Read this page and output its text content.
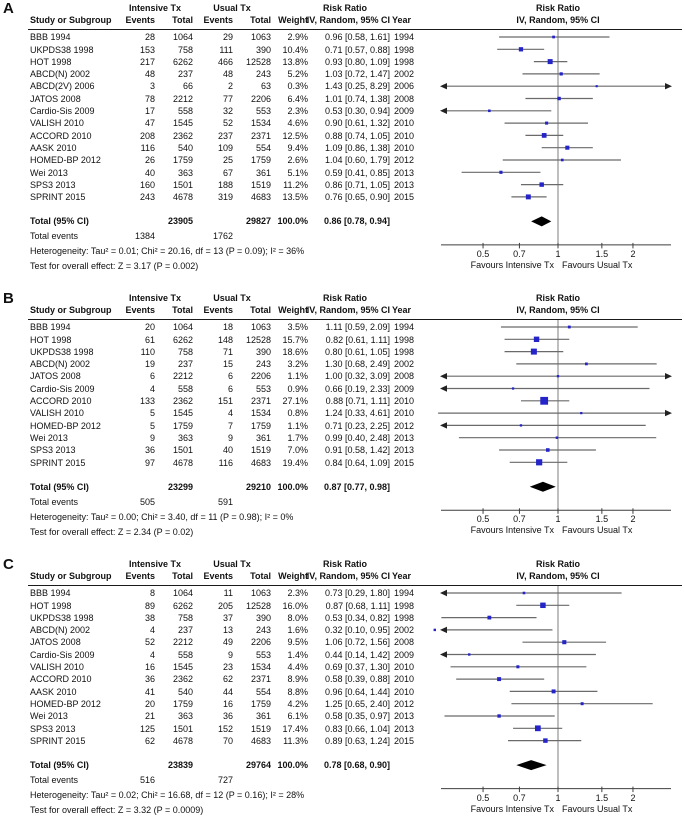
A	Intensive Tx	Usual Tx	Risk Ratio	Risk Ratio
Study or Subgroup	Events	Total	Events	Total Weight
IV, Random, 95% CI Year	IV, Random, 95% CI
BBB 1994	28	1064	29	1063	2.9%	0.96 [0.58, 1.61] 1994
UKPDS38 1998	153	758	111	390	10.4%	0.71 [0.57, 0.88] 1998
HOT 1998	217	6262	466	12528	13.8%	0.93 [0.80, 1.09] 1998
ABCD(N) 2002	48	237	48	243	5.2%	1.03 [0.72, 1.47] 2002
ABCD(2V) 2006	3	66	2	63	0.3%	1.43 [0.25, 8.29] 2006
JATOS 2008	78	2212	77	2206	6.4%	1.01 [0.74, 1.38] 2008
Cardio-Sis 2009	17	558	32	553	2.3%	0.53 [0.30, 0.94] 2009
VALISH 2010	47	1545	52	1534	4.6%	0.90 [0.61, 1.32] 2010
ACCORD 2010	208	2362	237	2371	12.5%	0.88 [0.74, 1.05] 2010
AASK 2010	116	540	109	554	9.4%	1.09 [0.86, 1.38] 2010
HOMED-BP 2012	26	1759	25	1759	2.6%	1.04 [0.60, 1.79] 2012
Wei 2013	40	363	67	361	5.1%	0.59 [0.41, 0.85] 2013
SPS3 2013	160	1501	188	1519	11.2%	0.86 [0.71, 1.05] 2013
SPRINT 2015	243	4678	319	4683	13.5%	0.76 [0.65, 0.90] 2015
Total (95% CI)	23905	29827 100.0%	0.86 [0.78, 0.94]
Total events	1384	1762
Heterogeneity: Tau² = 0.01; Chi² = 20.16, df = 13 (P = 0.09); I² = 36%
Test for overall effect: Z = 3.17 (P = 0.002)
0.5	0.7	1	1.5	2
Favours Intensive Tx Favours Usual Tx
B	Intensive Tx	Usual Tx	Risk Ratio	Risk Ratio
Study or Subgroup	Events	Total	Events	Total Weight
IV, Random, 95% CI Year	IV, Random, 95% CI
BBB 1994	20	1064	18	1063	3.5%	1.11 [0.59, 2.09] 1994
HOT 1998	61	6262	148	12528	15.7%	0.82 [0.61, 1.11] 1998
UKPDS38 1998	110	758	71	390	18.6%	0.80 [0.61, 1.05] 1998
ABCD(N) 2002	19	237	15	243	3.2%	1.30 [0.68, 2.49] 2002
JATOS 2008	6	2212	6	2206	1.1%	1.00 [0.32, 3.09] 2008
Cardio-Sis 2009	4	558	6	553	0.9%	0.66 [0.19, 2.33] 2009
ACCORD 2010	133	2362	151	2371	27.1%	0.88 [0.71, 1.11] 2010
VALISH 2010	5	1545	4	1534	0.8%	1.24 [0.33, 4.61] 2010
HOMED-BP 2012	5	1759	7	1759	1.1%	0.71 [0.23, 2.25] 2012
Wei 2013	9	363	9	361	1.7%	0.99 [0.40, 2.48] 2013
SPS3 2013	36	1501	40	1519	7.0%	0.91 [0.58, 1.42] 2013
SPRINT 2015	97	4678	116	4683	19.4%	0.84 [0.64, 1.09] 2015
Total (95% CI)	23299	29210 100.0%	0.87 [0.77, 0.98]
Total events	505	591
Heterogeneity: Tau² = 0.00; Chi² = 3.40, df = 11 (P = 0.98); I² = 0%
Test for overall effect: Z = 2.34 (P = 0.02)
0.5	0.7	1	1.5	2
Favours Intensive Tx Favours Usual Tx
C	Intensive Tx	Usual Tx	Risk Ratio	Risk Ratio
Study or Subgroup	Events	Total	Events	Total Weight
IV, Random, 95% CI Year	IV, Random, 95% CI
BBB 1994	8	1064	11	1063	2.3%	0.73 [0.29, 1.80] 1994
HOT 1998	89	6262	205	12528	16.0%	0.87 [0.68, 1.11] 1998
UKPDS38 1998	38	758	37	390	8.0%	0.53 [0.34, 0.82] 1998
ABCD(N) 2002	4	237	13	243	1.6%	0.32 [0.10, 0.95] 2002
JATOS 2008	52	2212	49	2206	9.5%	1.06 [0.72, 1.56] 2008
Cardio-Sis 2009	4	558	9	553	1.4%	0.44 [0.14, 1.42] 2009
VALISH 2010	16	1545	23	1534	4.4%	0.69 [0.37, 1.30] 2010
ACCORD 2010	36	2362	62	2371	8.9%	0.58 [0.39, 0.88] 2010
AASK 2010	41	540	44	554	8.8%	0.96 [0.64, 1.44] 2010
HOMED-BP 2012	20	1759	16	1759	4.2%	1.25 [0.65, 2.40] 2012
Wei 2013	21	363	36	361	6.1%	0.58 [0.35, 0.97] 2013
SPS3 2013	125	1501	152	1519	17.4%	0.83 [0.66, 1.04] 2013
SPRINT 2015	62	4678	70	4683	11.3%	0.89 [0.63, 1.24] 2015
Total (95% CI)	23839	29764 100.0%	0.78 [0.68, 0.90]
Total events	516	727
Heterogeneity: Tau² = 0.02; Chi² = 16.68, df = 12 (P = 0.16); I² = 28%
Test for overall effect: Z = 3.32 (P = 0.0009)
0.5	0.7	1	1.5	2
Favours Intensive Tx Favours Usual Tx
